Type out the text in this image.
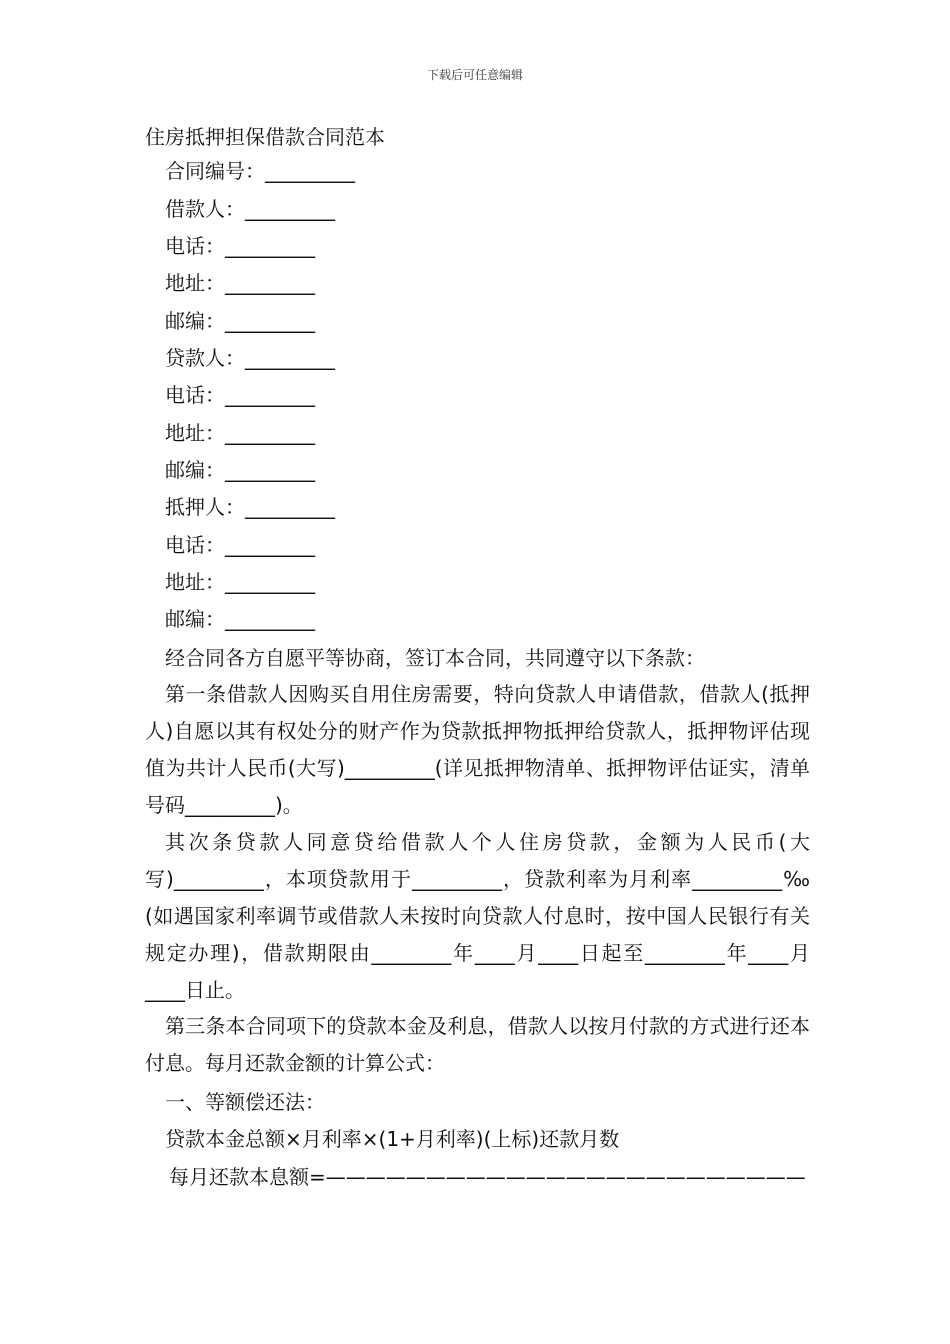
下载后可任意编辑
住房抵押担保借款合同范本
合同编号：_________
借款人：_________
电话：_________
地址：_________
邮编：_________
贷款人：_________
电话：_________
地址：_________
邮编：_________
抵押人：_________
电话：_________
地址：_________
邮编：_________
经合同各方自愿平等协商，签订本合同，共同遵守以下条款：
第一条借款人因购买自用住房需要，特向贷款人申请借款，借款人(抵押人)自愿以其有权处分的财产作为贷款抵押物抵押给贷款人，抵押物评估现值为共计人民币(大写)_________(详见抵押物清单、抵押物评估证实，清单号码_________)。
其次条贷款人同意贷给借款人个人住房贷款，金额为人民币(大写)_________，本项贷款用于_________，贷款利率为月利率_________‰(如遇国家利率调节或借款人未按时向贷款人付息时，按中国人民银行有关规定办理)，借款期限由________年____月____日起至________年____月____日止。
第三条本合同项下的贷款本金及利息，借款人以按月付款的方式进行还本付息。每月还款金额的计算公式：
一、等额偿还法：
贷款本金总额×月利率×(1+月利率)(上标)还款月数
每月还款本息额=————————————————————————
